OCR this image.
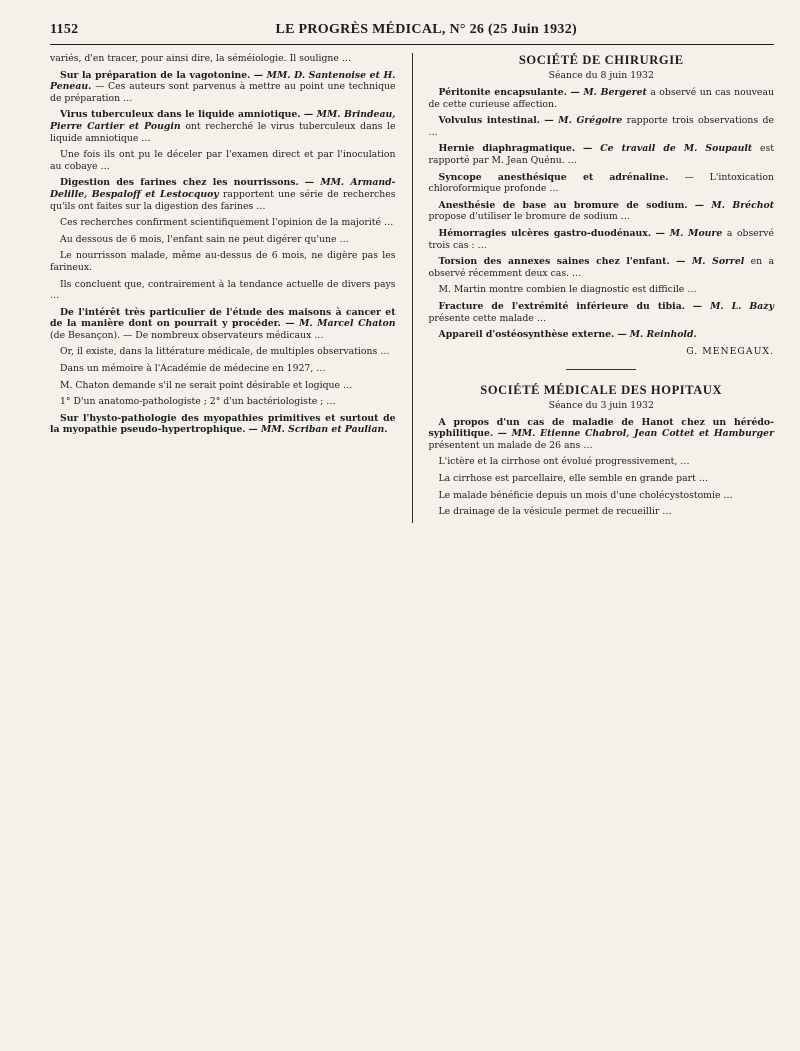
1152	LE PROGRÈS MÉDICAL, N° 26 (25 Juin 1932)

variés, d'en tracer, pour ainsi dire, la séméiologie. Il souligne …

Sur la préparation de la vagotonine. — MM. D. Santenoise et H. Peneau. — Ces auteurs sont parvenus à mettre au point une technique de préparation …

Virus tuberculeux dans le liquide amniotique. — MM. Brindeau, Pierre Cartier et Pougin ont recherché le virus tuberculeux dans le liquide amniotique …

Une fois ils ont pu le déceler par l'examen direct et par l'inoculation au cobaye …

Digestion des farines chez les nourrissons. — MM. Armand-Delille, Bespaloff et Lestocquoy rapportent une série de recherches qu'ils ont faites sur la digestion des farines …

Ces recherches confirment scientifiquement l'opinion de la majorité …

Au dessous de 6 mois, l'enfant sain ne peut digérer qu'une …

Le nourrisson malade, même au-dessus de 6 mois, ne digère pas les farineux.

Ils concluent que, contrairement à la tendance actuelle de divers pays …

De l'intérêt très particulier de l'étude des maisons à cancer et de la manière dont on pourrait y procéder. — M. Marcel Chaton (de Besançon). — De nombreux observateurs médicaux …

Or, il existe, dans la littérature médicale, de multiples observations …

Dans un mémoire à l'Académie de médecine en 1927, …

M. Chaton demande s'il ne serait point désirable et logique …

1° D'un anatomo-pathologiste ; 2° d'un bactériologiste ; …

Sur l'hysto-pathologie des myopathies primitives et surtout de la myopathie pseudo-hypertrophique. — MM. Scriban et Paulian.

SOCIÉTÉ DE CHIRURGIE
Séance du 8 juin 1932

Péritonite encapsulante. — M. Bergeret a observé un cas nouveau de cette curieuse affection.

Volvulus intestinal. — M. Grégoire rapporte trois observations de …

Hernie diaphragmatique. — Ce travail de M. Soupault est rapporté par M. Jean Quénu. …

Syncope anesthésique et adrénaline. — L'intoxication chloroformique profonde …

Anesthésie de base au bromure de sodium. — M. Bréchot propose d'utiliser le bromure de sodium …

Hémorragies ulcères gastro-duodénaux. — M. Moure a observé trois cas : …

Torsion des annexes saines chez l'enfant. — M. Sorrel en a observé récemment deux cas. …

M. Martin montre combien le diagnostic est difficile …

Fracture de l'extrémité inférieure du tibia. — M. L. Bazy présente cette malade …

Appareil d'ostéosynthèse externe. — M. Reinhold.

G. MENEGAUX.
SOCIÉTÉ MÉDICALE DES HOPITAUX
Séance du 3 juin 1932

A propos d'un cas de maladie de Hanot chez un hérédo-syphilitique. — MM. Etienne Chabrol, Jean Cottet et Hamburger présentent un malade de 26 ans …

L'ictère et la cirrhose ont évolué progressivement, …

La cirrhose est parcellaire, elle semble en grande part …

Le malade bénéficie depuis un mois d'une cholécystostomie …

Le drainage de la vésicule permet de recueillir …
